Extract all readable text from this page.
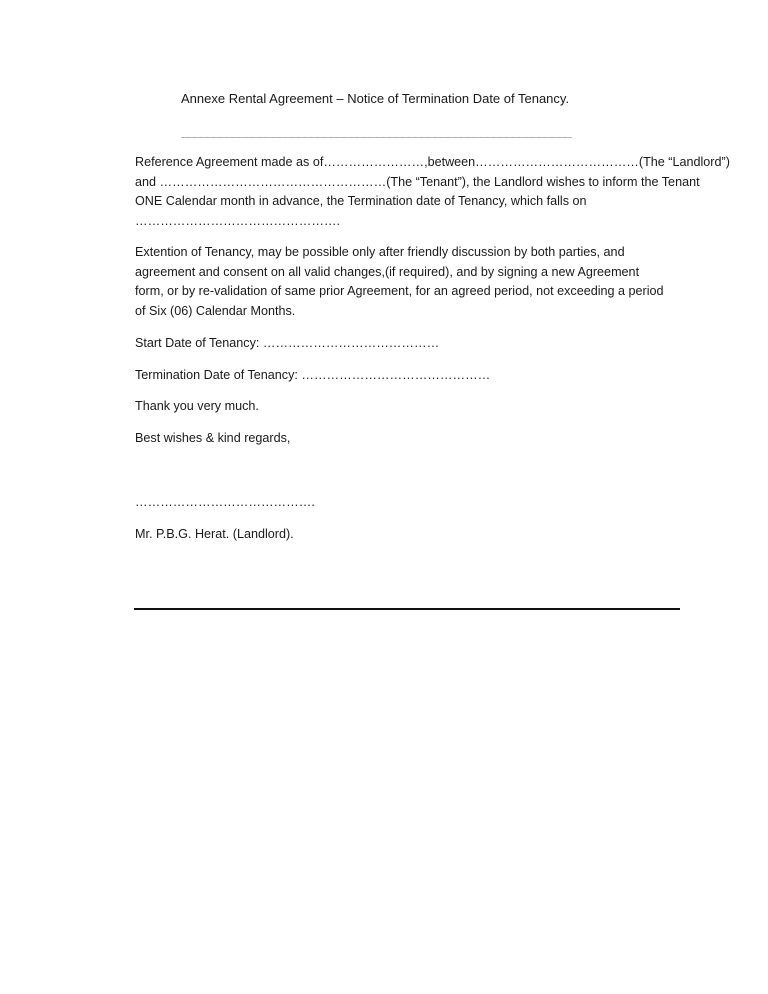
Annexe Rental Agreement – Notice of Termination Date of Tenancy.
____________________________________________________________
Reference Agreement made as of……………………,between…………………………………(The “Landlord”)
and ………………………………………………(The “Tenant”), the Landlord wishes to inform the Tenant
ONE Calendar month in advance, the Termination date of Tenancy, which falls on
………………………………………….
Extention of Tenancy, may be possible only after friendly discussion by both parties, and
agreement and consent on all valid changes,(if required), and by signing a new Agreement
form, or by re-validation of same prior Agreement, for an agreed period, not exceeding a period
of Six (06) Calendar Months.
Start Date of Tenancy: ……………………………………
Termination Date of Tenancy: ………………………………………
Thank you very much.
Best wishes & kind regards,
…………………………………….
Mr. P.B.G. Herat. (Landlord).
